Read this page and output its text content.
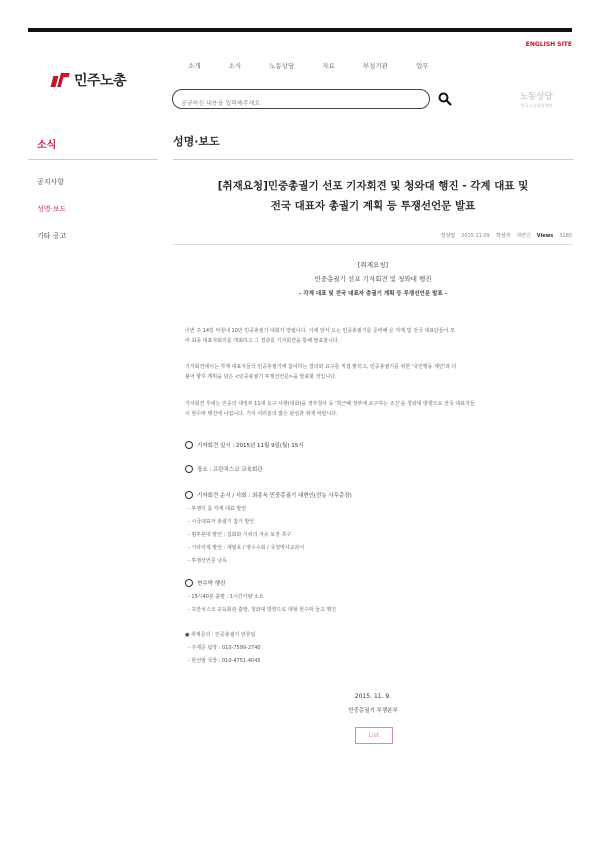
ENGLISH SITE
민주노총
소개	소식	노동상담	자료	부설기관	업무
궁금하신 내용을 입력해주세요
노동상담
전국 노동상담센터
소식
공지사항
성명·보도
기타 공고
성명·보도
[취재요청]민중총궐기 선포 기자회견 및 청와대 행진 - 각계 대표 및
전국 대표자 총궐기 계획 등 투쟁선언문 발표
작성일 2015.11.09 작성자 대변인 Views 3180
[취재요청]
민중총궐기 선포 기자회견 및 청와대 행진
- 각계 대표 및 전국 대표자 총궐기 계획 등 투쟁선언문 발표 -
이번 주 14일 마침내 10만 민중총궐기 대회가 열립니다. 이에 앞서 오는 민중총궐기를 준비해 온 각계 및 전국 대표단들이 모
여 최종 대표자회의를 개최하고 그 결과를 기자회견을 통해 발표합니다.
기자회견에서는 각계 대표자들의 민중총궐기에 참여하는 결의와 요구를 직접 밝히고, 민중총궐기를 위한 '국민행동 제안'과 더
불어 향후 계획을 담은 <민중총궐기 투쟁선언문>을 발표할 것입니다.
기자회견 후에는 민중의 대정부 11대 요구 사항(대화)을 정부청사 등 '박근혜 정부에 요구하는 조건'을 청와대 방향으로 전국 대표자들
이 현수막 행진에 나섭니다. 기자 여러분의 많은 관심과 취재 바랍니다.
기자회견 일시 : 2015년 11월 9일(월) 15시
장소 : 프란치스코 교육회관
기자회견 순서 / 사회 : 최종욱 민중총궐기 대변인(전농 사무총장)
- 투쟁의 몸 각계 대표 발언
- 시국대표자 총궐기 참가 발언
- 범투본대 발언 : 집회와 시위의 자유 보장 촉구
- 기타의제 발언 : 세월호 / 영수수회 / 국정역사교과서
- 투쟁선언문 낭독
현수막 행진
- 15시40분 출발 : 1시간가량 소요
- 프란치스코 교육회관 출발, 청와대 방향으로 대형 현수막 들고 행진
● 취재문의 : 민중총궐기 언론팀
- 주제준 팀장 : 010-7599-2740
- 한선범 국장 : 010-4751-4045
2015. 11. 9.
민중총궐기 투쟁본부
List
